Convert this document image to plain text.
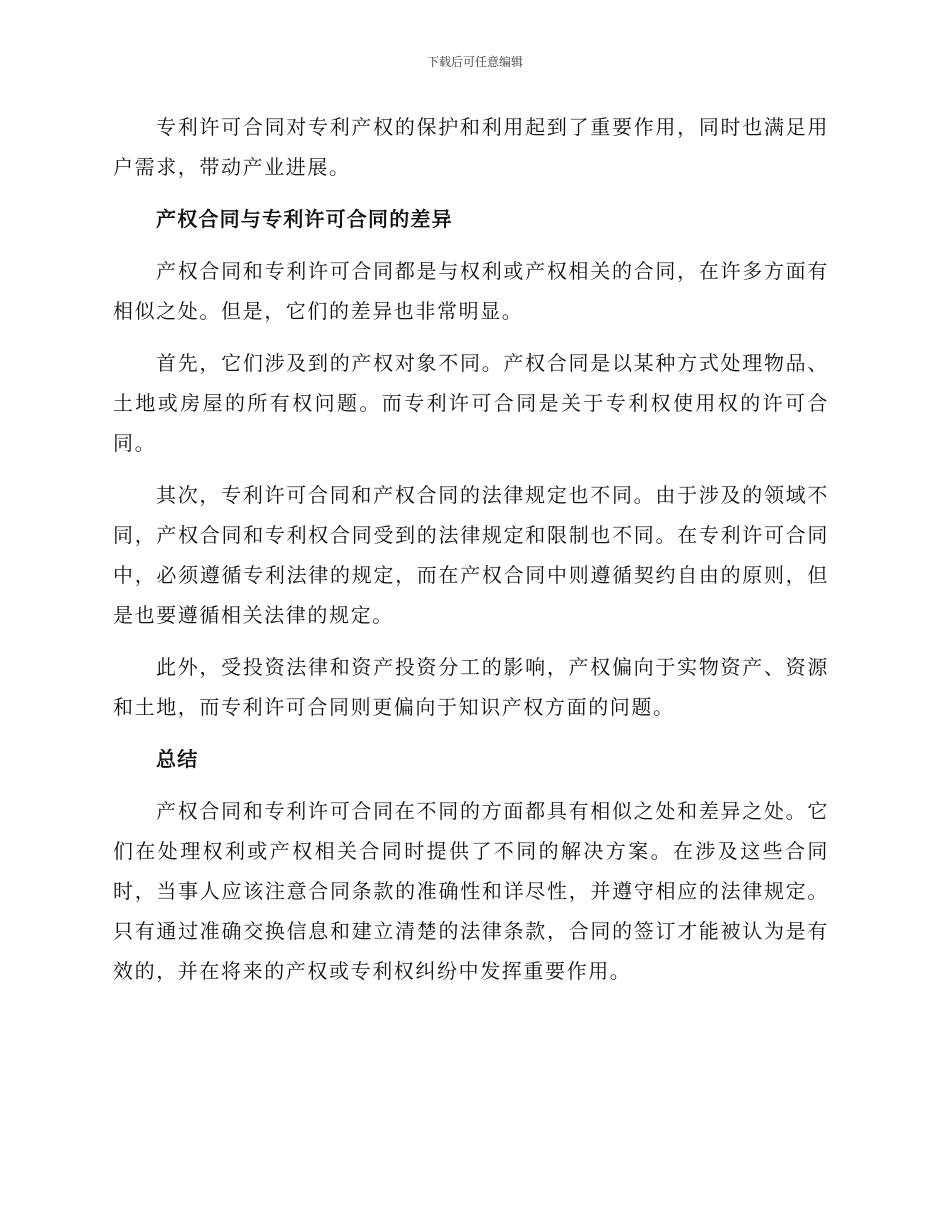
下载后可任意编辑

专利许可合同对专利产权的保护和利用起到了重要作用，同时也满足用户需求，带动产业进展。

产权合同与专利许可合同的差异

产权合同和专利许可合同都是与权利或产权相关的合同，在许多方面有相似之处。但是，它们的差异也非常明显。

首先，它们涉及到的产权对象不同。产权合同是以某种方式处理物品、土地或房屋的所有权问题。而专利许可合同是关于专利权使用权的许可合同。

其次，专利许可合同和产权合同的法律规定也不同。由于涉及的领域不同，产权合同和专利权合同受到的法律规定和限制也不同。在专利许可合同中，必须遵循专利法律的规定，而在产权合同中则遵循契约自由的原则，但是也要遵循相关法律的规定。

此外，受投资法律和资产投资分工的影响，产权偏向于实物资产、资源和土地，而专利许可合同则更偏向于知识产权方面的问题。

总结

产权合同和专利许可合同在不同的方面都具有相似之处和差异之处。它们在处理权利或产权相关合同时提供了不同的解决方案。在涉及这些合同时，当事人应该注意合同条款的准确性和详尽性，并遵守相应的法律规定。只有通过准确交换信息和建立清楚的法律条款，合同的签订才能被认为是有效的，并在将来的产权或专利权纠纷中发挥重要作用。
